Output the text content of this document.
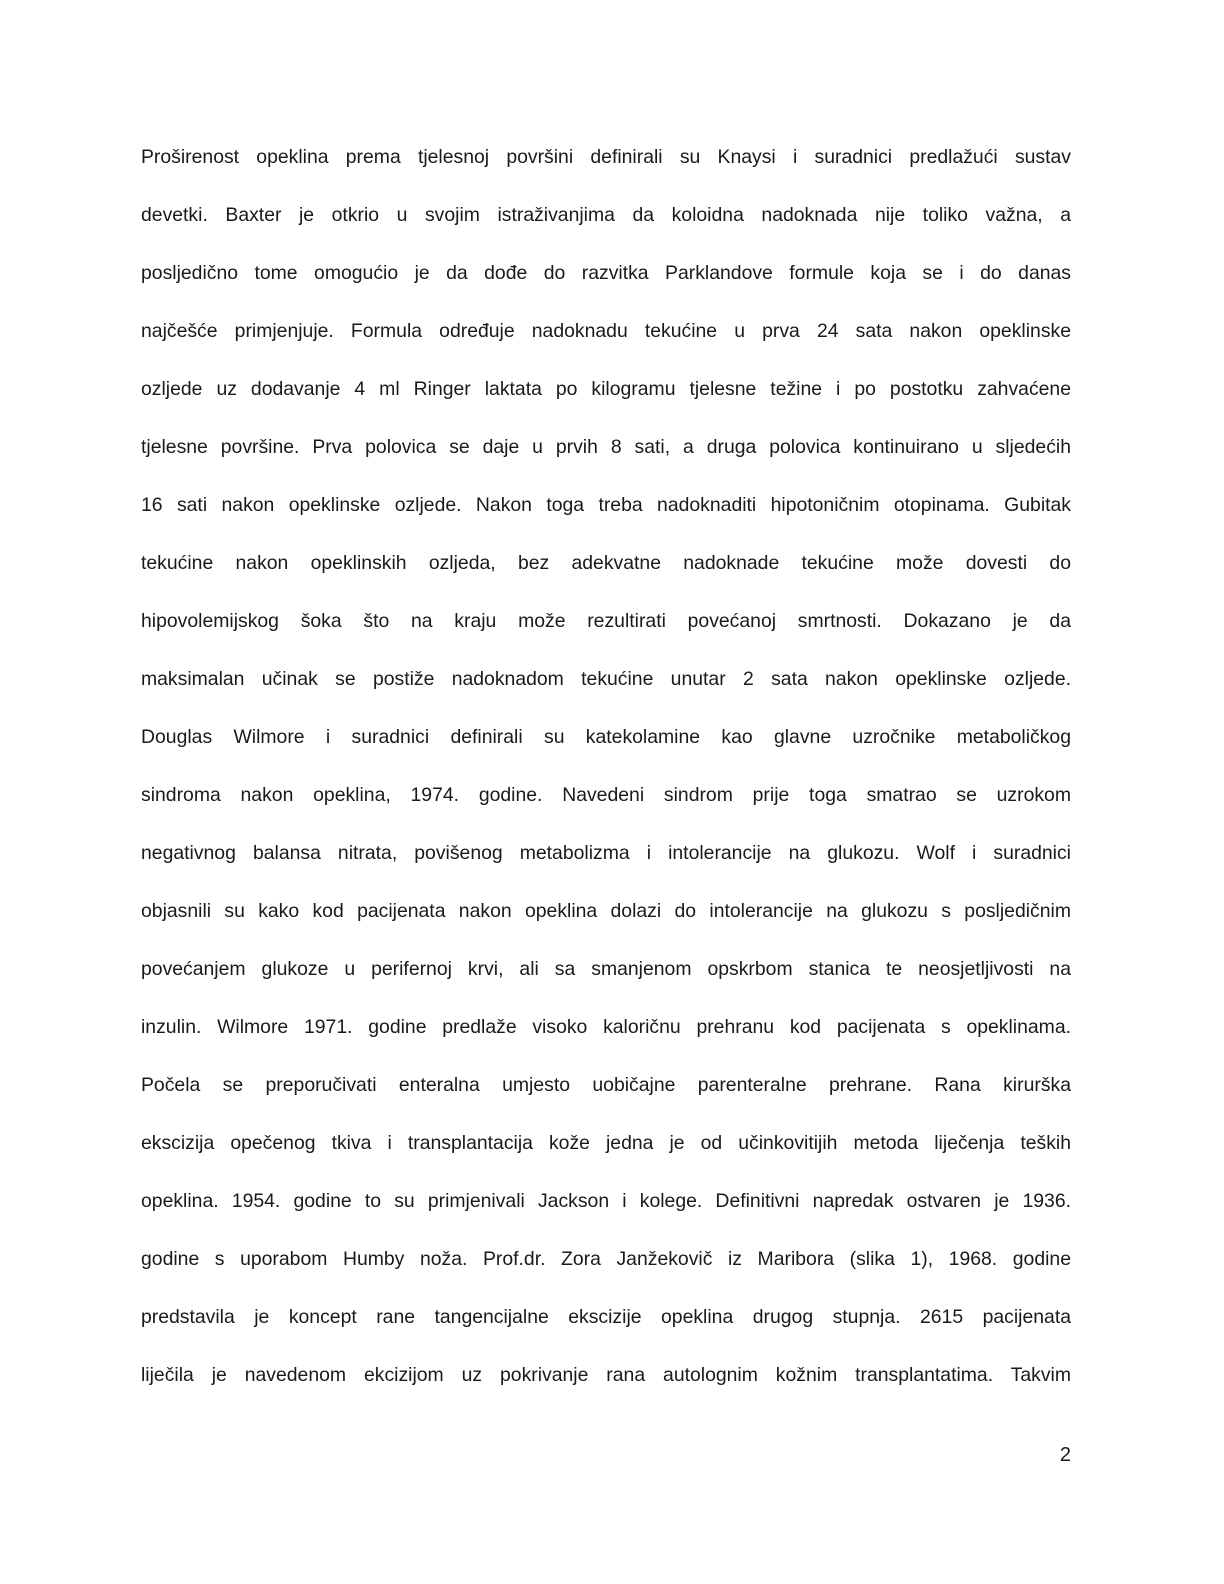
Proširenost opeklina prema tjelesnoj površini definirali su Knaysi i suradnici predlažući sustav
devetki. Baxter je otkrio u svojim istraživanjima da koloidna nadoknada nije toliko važna, a
posljedično tome omogućio je da dođe do razvitka Parklandove formule koja se i do danas
najčešće primjenjuje. Formula određuje nadoknadu tekućine u prva 24 sata nakon opeklinske
ozljede uz dodavanje 4 ml Ringer laktata po kilogramu tjelesne težine i po postotku zahvaćene
tjelesne površine. Prva polovica se daje u prvih 8 sati, a druga polovica kontinuirano u sljedećih
16 sati nakon opeklinske ozljede. Nakon toga treba nadoknaditi hipotoničnim otopinama. Gubitak
tekućine nakon opeklinskih ozljeda, bez adekvatne nadoknade tekućine može dovesti do
hipovolemijskog šoka što na kraju može rezultirati povećanoj smrtnosti. Dokazano je da
maksimalan učinak se postiže nadoknadom tekućine unutar 2 sata nakon opeklinske ozljede.
Douglas Wilmore i suradnici definirali su katekolamine kao glavne uzročnike metaboličkog
sindroma nakon opeklina, 1974. godine. Navedeni sindrom prije toga smatrao se uzrokom
negativnog balansa nitrata, povišenog metabolizma i intolerancije na glukozu. Wolf i suradnici
objasnili su kako kod pacijenata nakon opeklina dolazi do intolerancije na glukozu s posljedičnim
povećanjem glukoze u perifernoj krvi, ali sa smanjenom opskrbom stanica te neosjetljivosti na
inzulin. Wilmore 1971. godine predlaže visoko kaloričnu prehranu kod pacijenata s opeklinama.
Počela se preporučivati enteralna umjesto uobičajne parenteralne prehrane. Rana kirurška
ekscizija opečenog tkiva i transplantacija kože jedna je od učinkovitijih metoda liječenja teških
opeklina. 1954. godine to su primjenivali Jackson i kolege. Definitivni napredak ostvaren je 1936.
godine s uporabom Humby noža. Prof.dr. Zora Janžekovič iz Maribora (slika 1), 1968. godine
predstavila je koncept rane tangencijalne ekscizije opeklina drugog stupnja. 2615 pacijenata
liječila je navedenom ekcizijom uz pokrivanje rana autolognim kožnim transplantatima. Takvim
2
